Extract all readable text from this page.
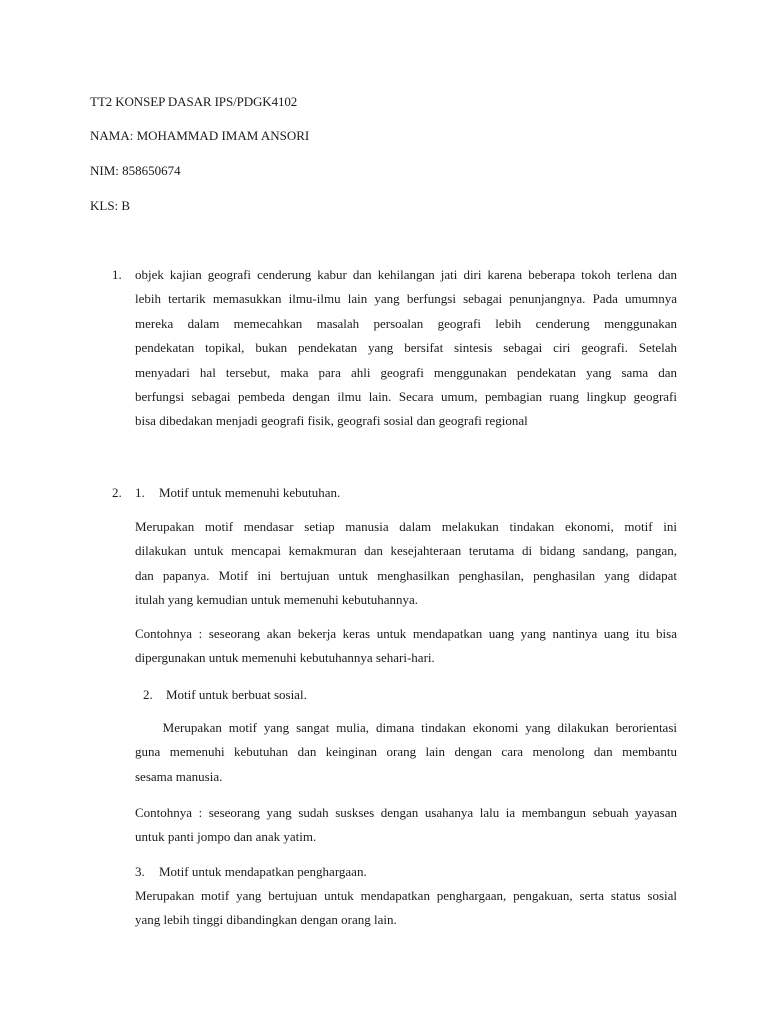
TT2 KONSEP DASAR IPS/PDGK4102
NAMA: MOHAMMAD IMAM ANSORI
NIM: 858650674
KLS: B
1. objek kajian geografi cenderung kabur dan kehilangan jati diri karena beberapa tokoh terlena dan
lebih tertarik memasukkan ilmu-ilmu lain yang berfungsi sebagai penunjangnya. Pada umumnya
mereka dalam memecahkan masalah persoalan geografi lebih cenderung menggunakan
pendekatan topikal, bukan pendekatan yang bersifat sintesis sebagai ciri geografi. Setelah
menyadari hal tersebut, maka para ahli geografi menggunakan pendekatan yang sama dan
berfungsi sebagai pembeda dengan ilmu lain. Secara umum, pembagian ruang lingkup geografi
bisa dibedakan menjadi geografi fisik, geografi sosial dan geografi regional
2. 1. Motif untuk memenuhi kebutuhan.
Merupakan motif mendasar setiap manusia dalam melakukan tindakan ekonomi, motif ini
dilakukan untuk mencapai kemakmuran dan kesejahteraan terutama di bidang sandang, pangan,
dan papanya. Motif ini bertujuan untuk menghasilkan penghasilan, penghasilan yang didapat
itulah yang kemudian untuk memenuhi kebutuhannya.
Contohnya : seseorang akan bekerja keras untuk mendapatkan uang yang nantinya uang itu bisa
dipergunakan untuk memenuhi kebutuhannya sehari-hari.
2. Motif untuk berbuat sosial.
Merupakan motif yang sangat mulia, dimana tindakan ekonomi yang dilakukan berorientasi
guna memenuhi kebutuhan dan keinginan orang lain dengan cara menolong dan membantu
sesama manusia.
Contohnya : seseorang yang sudah suskses dengan usahanya lalu ia membangun sebuah yayasan
untuk panti jompo dan anak yatim.
3. Motif untuk mendapatkan penghargaan.
Merupakan motif yang bertujuan untuk mendapatkan penghargaan, pengakuan, serta status sosial
yang lebih tinggi dibandingkan dengan orang lain.
